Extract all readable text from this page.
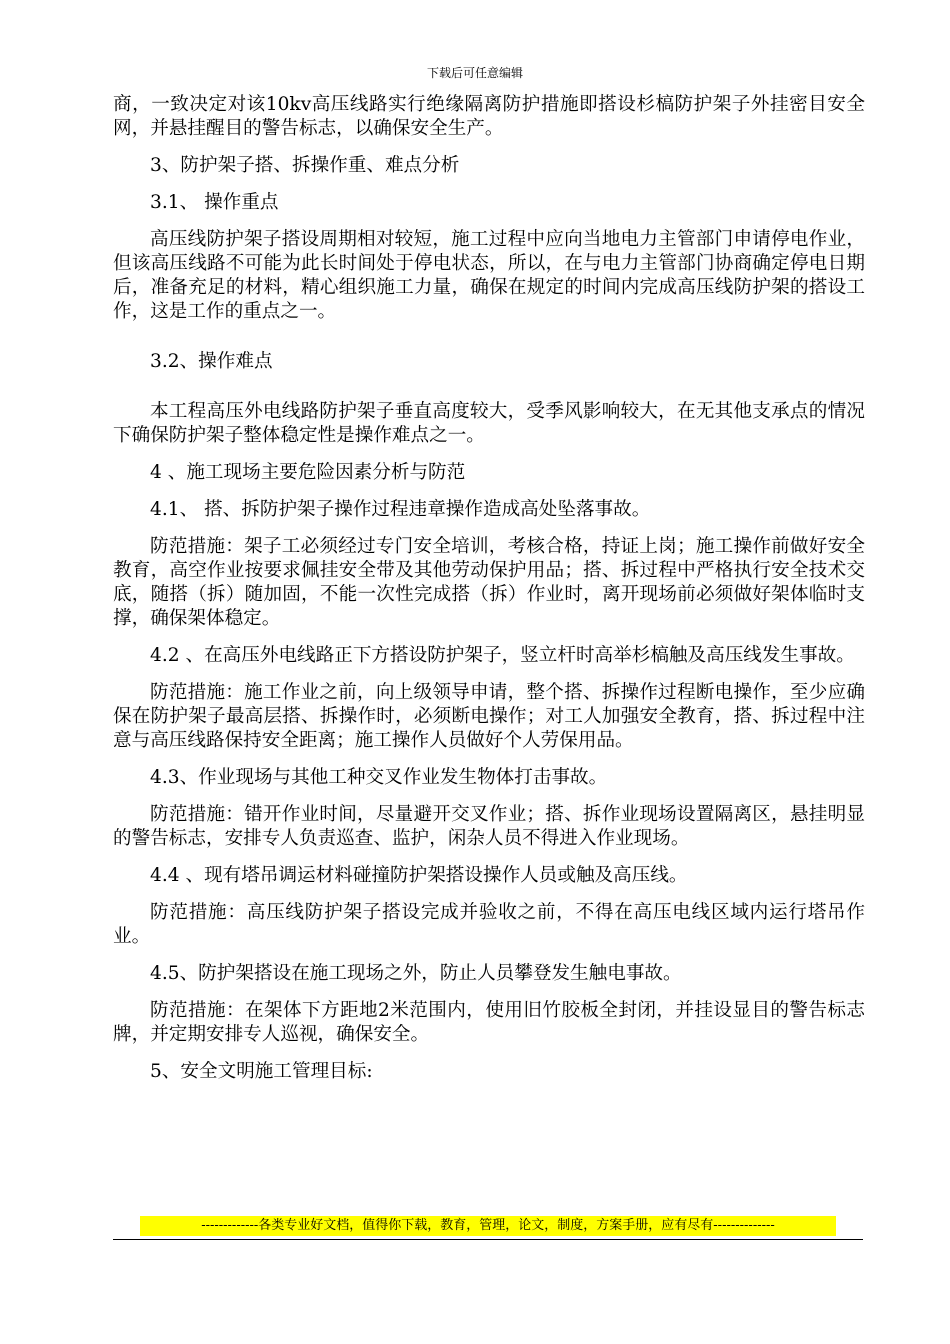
下载后可任意编辑

商，一致决定对该10kv高压线路实行绝缘隔离防护措施即搭设杉槁防护架子外挂密目安全网，并悬挂醒目的警告标志，以确保安全生产。

3、防护架子搭、拆操作重、难点分析

3.1、 操作重点

高压线防护架子搭设周期相对较短，施工过程中应向当地电力主管部门申请停电作业，但该高压线路不可能为此长时间处于停电状态，所以，在与电力主管部门协商确定停电日期后，准备充足的材料，精心组织施工力量，确保在规定的时间内完成高压线防护架的搭设工作，这是工作的重点之一。

3.2、操作难点

本工程高压外电线路防护架子垂直高度较大，受季风影响较大，在无其他支承点的情况下确保防护架子整体稳定性是操作难点之一。

4 、施工现场主要危险因素分析与防范

4.1、 搭、拆防护架子操作过程违章操作造成高处坠落事故。

防范措施：架子工必须经过专门安全培训，考核合格，持证上岗；施工操作前做好安全教育，高空作业按要求佩挂安全带及其他劳动保护用品；搭、拆过程中严格执行安全技术交底，随搭（拆）随加固，不能一次性完成搭（拆）作业时，离开现场前必须做好架体临时支撑，确保架体稳定。

4.2 、在高压外电线路正下方搭设防护架子，竖立杆时高举杉槁触及高压线发生事故。

防范措施：施工作业之前，向上级领导申请，整个搭、拆操作过程断电操作，至少应确保在防护架子最高层搭、拆操作时，必须断电操作；对工人加强安全教育，搭、拆过程中注意与高压线路保持安全距离；施工操作人员做好个人劳保用品。

4.3、作业现场与其他工种交叉作业发生物体打击事故。

防范措施：错开作业时间，尽量避开交叉作业；搭、拆作业现场设置隔离区，悬挂明显的警告标志，安排专人负责巡查、监护，闲杂人员不得进入作业现场。

4.4 、现有塔吊调运材料碰撞防护架搭设操作人员或触及高压线。

防范措施：高压线防护架子搭设完成并验收之前，不得在高压电线区域内运行塔吊作业。

4.5、防护架搭设在施工现场之外，防止人员攀登发生触电事故。

防范措施：在架体下方距地2米范围内，使用旧竹胶板全封闭，并挂设显目的警告标志牌，并定期安排专人巡视，确保安全。

5、安全文明施工管理目标:

-------------各类专业好文档，值得你下载，教育，管理，论文，制度，方案手册，应有尽有--------------
